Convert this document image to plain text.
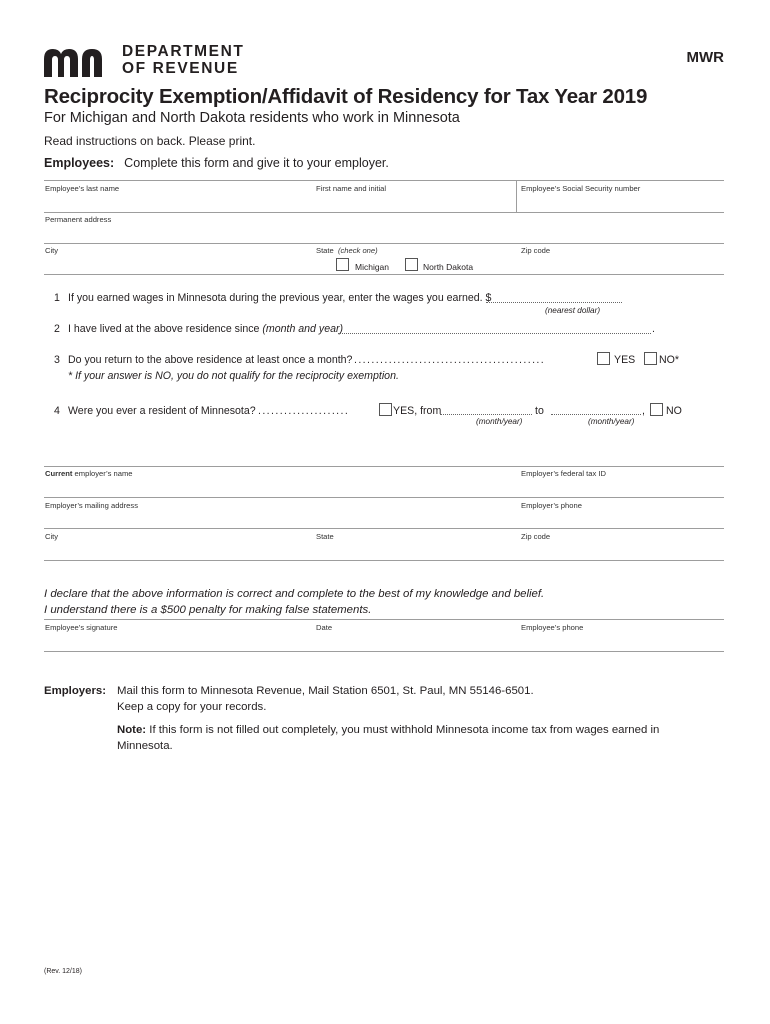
DEPARTMENT
OF REVENUE
MWR
Reciprocity Exemption/Affidavit of Residency for Tax Year 2019
For Michigan and North Dakota residents who work in Minnesota
Read instructions on back. Please print.
Employees: Complete this form and give it to your employer.
Employee’s last name	First name and initial	Employee’s Social Security number
Permanent address
City	State (check one)	Zip code
Michigan	North Dakota
1 If you earned wages in Minnesota during the previous year, enter the wages you earned. $
(nearest dollar)
2 I have lived at the above residence since (month and year)	.
3 Do you return to the above residence at least once a month? ............................................	YES NO*
* If your answer is NO, you do not qualify for the reciprocity exemption.
4 Were you ever a resident of Minnesota? .....................	YES, from	to	, NO
(month/year)	(month/year)
Current employer’s name	Employer’s federal tax ID
Employer’s mailing address	Employer’s phone
City	State	Zip code
I declare that the above information is correct and complete to the best of my knowledge and belief.
I understand there is a $500 penalty for making false statements.
Employee’s signature	Date	Employee’s phone
Employers: Mail this form to Minnesota Revenue, Mail Station 6501, St. Paul, MN 55146-6501.
Keep a copy for your records.
Note: If this form is not filled out completely, you must withhold Minnesota income tax from wages earned in
Minnesota.
(Rev. 12/18)
